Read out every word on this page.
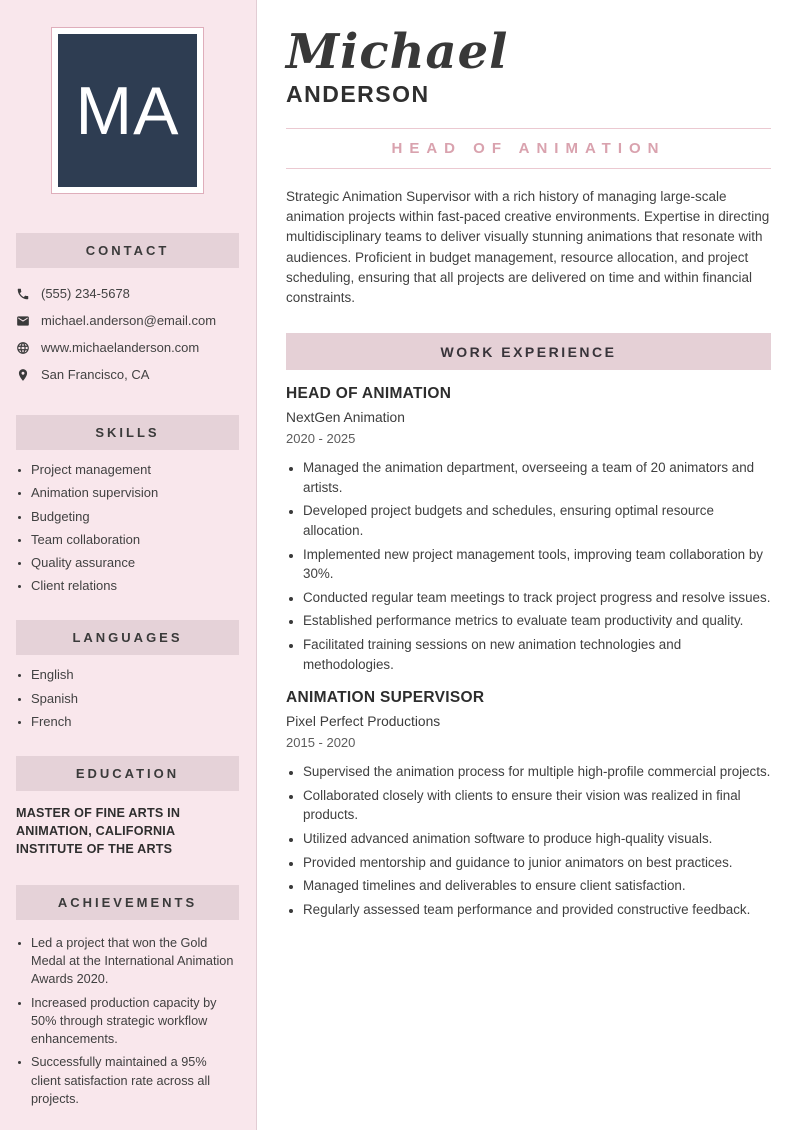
MA
CONTACT
(555) 234-5678
michael.anderson@email.com
www.michaelanderson.com
San Francisco, CA
SKILLS
• Project management
• Animation supervision
• Budgeting
• Team collaboration
• Quality assurance
• Client relations
LANGUAGES
• English
• Spanish
• French
EDUCATION

MASTER OF FINE ARTS IN ANIMATION, CALIFORNIA INSTITUTE OF THE ARTS

ACHIEVEMENTS
• Led a project that won the Gold Medal at the International Animation Awards 2020.
• Increased production capacity by 50% through strategic workflow enhancements.
• Successfully maintained a 95% client satisfaction rate across all projects.
Michael
ANDERSON
HEAD OF ANIMATION

Strategic Animation Supervisor with a rich history of managing large-scale animation projects within fast-paced creative environments. Expertise in directing multidisciplinary teams to deliver visually stunning animations that resonate with audiences. Proficient in budget management, resource allocation, and project scheduling, ensuring that all projects are delivered on time and within financial constraints.

WORK EXPERIENCE
HEAD OF ANIMATION
NextGen Animation
2020 - 2025
• Managed the animation department, overseeing a team of 20 animators and artists.
• Developed project budgets and schedules, ensuring optimal resource allocation.
• Implemented new project management tools, improving team collaboration by 30%.
• Conducted regular team meetings to track project progress and resolve issues.
• Established performance metrics to evaluate team productivity and quality.
• Facilitated training sessions on new animation technologies and methodologies.
ANIMATION SUPERVISOR
Pixel Perfect Productions
2015 - 2020
• Supervised the animation process for multiple high-profile commercial projects.
• Collaborated closely with clients to ensure their vision was realized in final products.
• Utilized advanced animation software to produce high-quality visuals.
• Provided mentorship and guidance to junior animators on best practices.
• Managed timelines and deliverables to ensure client satisfaction.
• Regularly assessed team performance and provided constructive feedback.
